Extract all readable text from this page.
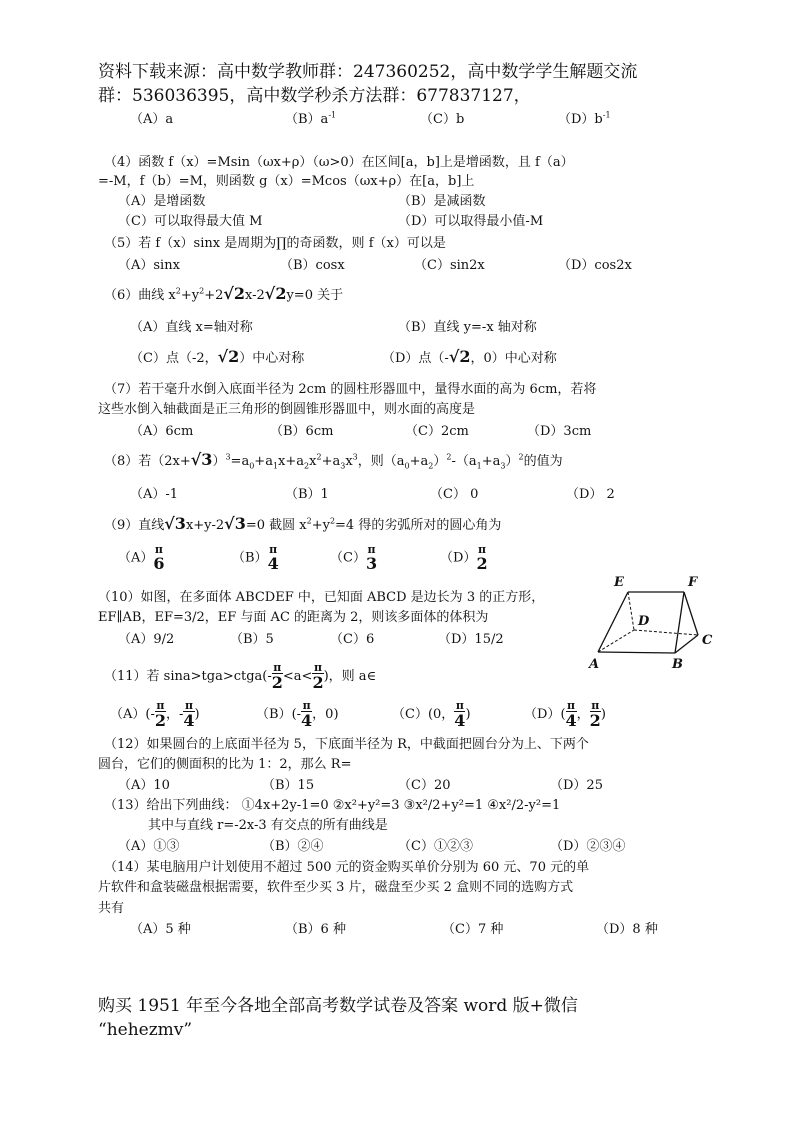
资料下载来源：高中数学教师群：247360252，高中数学学生解题交流
群：536036395，高中数学秒杀方法群：677837127，
（A）a	$(B)a^{-1}$	（C）b	$(D)b^{-1}$
（4）函数 f（x）=Msin（ωx+ρ）（ω>0）在区间[a，b]上是增函数，且 f（a）
=-M，f（b）=M，则函数 g（x）=Mcos（ωx+ρ）在[a，b]上
（A）是增函数	（B）是减函数
（C）可以取得最大值 M	（D）可以取得最小值-M
（5）若 f（x）sinx 是周期为∏的奇函数，则 f（x）可以是
（A）sinx	（B）cosx	（C）sin2x	（D）cos2x
（6）曲线 $x^2+y^2+2√2x-2√2y=0$ 关于
（A）直线 x=轴对称	（B）直线 y=-x 轴对称
（C）点（-2，√2）中心对称	（D）点（-√2，0）中心对称
（7）若干毫升水倒入底面半径为 2cm 的圆柱形器皿中，量得水面的高为 6cm，若将
这些水倒入轴截面是正三角形的倒圆锥形器皿中，则水面的高度是
（A）6cm	（B）6cm	（C）2cm	（D）3cm
（8）若$(2x+√3)^3=a_0+a_1x+a_2x^2+a_3x^3$，则$(a_0+a_2)^2-(a_1+a_3)^2$的值为
（A）-1	（B）1	（C） 0	（D） 2
（9）直线√3x+y-2√3=0 截圆 $x^2+y^2=4$ 得的劣弧所对的圆心角为
（A）
π
6	（B）
π
4	（C）
π
3	（D）
π
2
（10）如图，在多面体 ABCDEF 中，已知面 ABCD 是边长为 3 的正方形，
EF∥AB，EF=3/2，EF 与面 AC 的距离为 2，则该多面体的体积为
（A）9/2	（B）5	（C）6	（D）15/2
E	F
D
C
A	B
（11）若 sina>tga>ctga(- $\frac{\pi}{2} <a< \frac{\pi}{2}$ )，则 a∈
$(A)(- \frac{\pi}{2}$ ，- $\frac{\pi}{4}$ )	$(B)(- \frac{\pi}{4}$ ，0)	（C）(0， $\frac{\pi}{4}$ )	$(D)( \frac{\pi}{4}$ ， $\frac{\pi}{2}$ )
（12）如果圆台的上底面半径为 5，下底面半径为 R，中截面把圆台分为上、下两个
圆台，它们的侧面积的比为 1：2，那么 R=
（A）10	（B）15	（C）20	（D）25
（13）给出下列曲线： ①4x+2y-1=0 ②x²+y²=3 ③x²/2+y²=1 ④x²/2-y²=1
其中与直线 r=-2x-3 有交点的所有曲线是
（A）①③	（B）②④	（C）①②③	（D）②③④
（14）某电脑用户计划使用不超过 500 元的资金购买单价分别为 60 元、70 元的单
片软件和盒装磁盘根据需要，软件至少买 3 片，磁盘至少买 2 盒则不同的选购方式
共有
（A）5 种	（B）6 种	（C）7 种	（D）8 种
购买 1951 年至今各地全部高考数学试卷及答案 word 版+微信
“hehezmv”
